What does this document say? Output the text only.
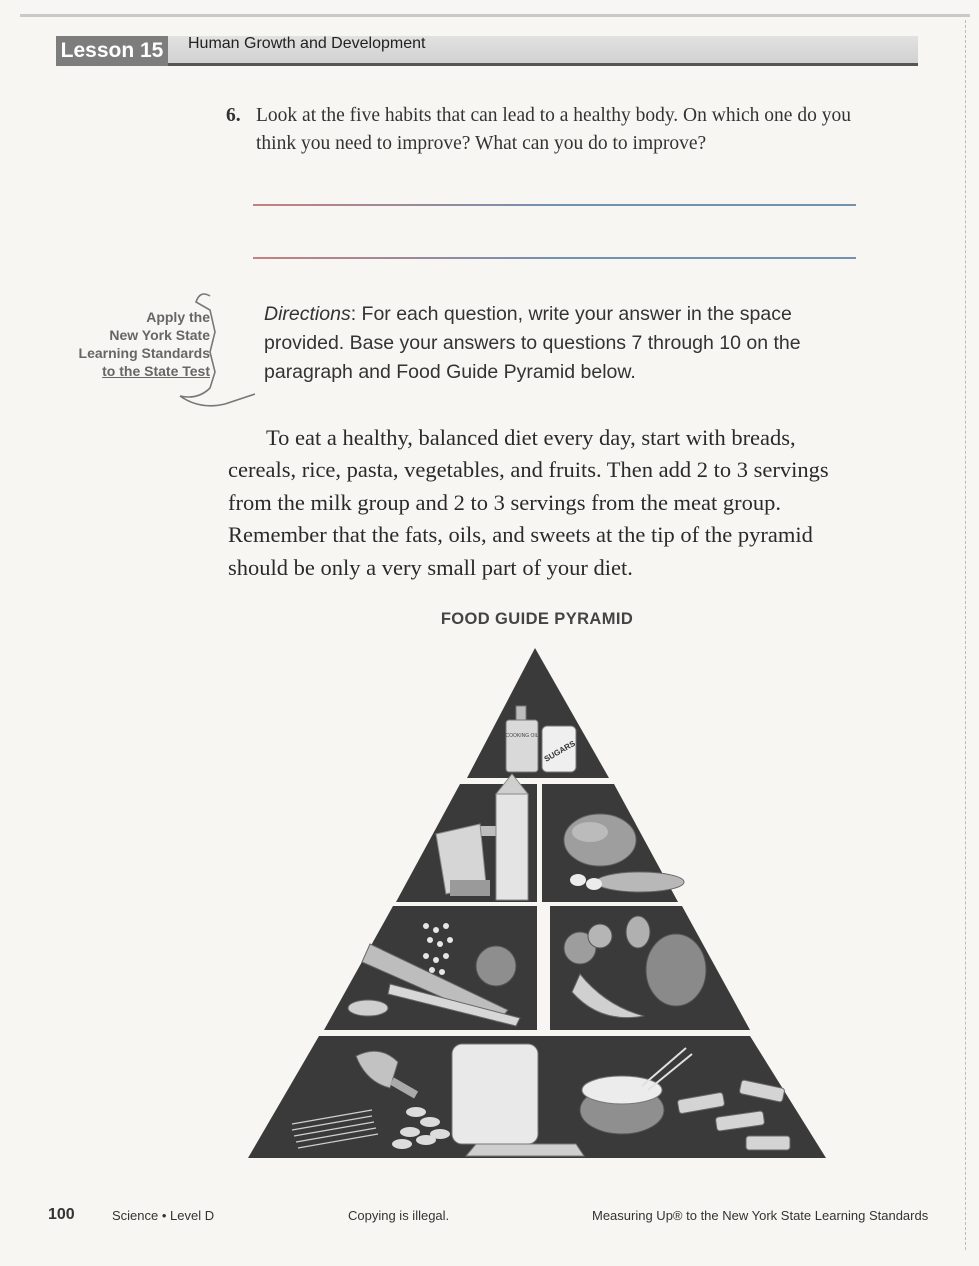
Lesson 15 Human Growth and Development
6. Look at the five habits that can lead to a healthy body. On which one do you think you need to improve? What can you do to improve?
Apply the
New York State
Learning Standards
to the State Test
Directions: For each question, write your answer in the space provided. Base your answers to questions 7 through 10 on the paragraph and Food Guide Pyramid below.
To eat a healthy, balanced diet every day, start with breads, cereals, rice, pasta, vegetables, and fruits. Then add 2 to 3 servings from the milk group and 2 to 3 servings from the meat group. Remember that the fats, oils, and sweets at the tip of the pyramid should be only a very small part of your diet.
FOOD GUIDE PYRAMID
COOKING OIL
SUGARS
100	Science • Level D	Copying is illegal.	Measuring Up® to the New York State Learning Standards
